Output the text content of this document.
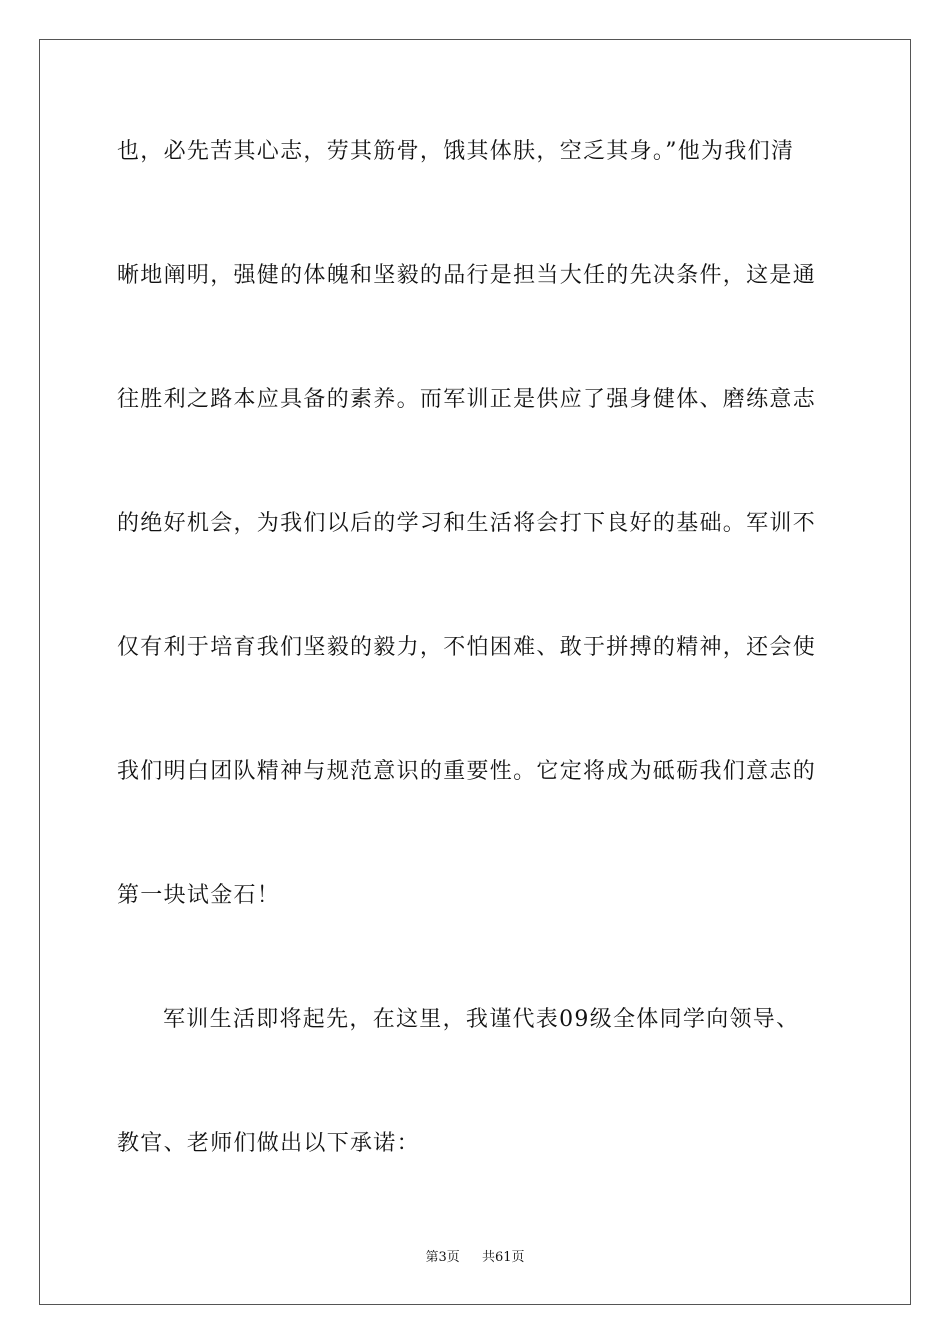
也，必先苦其心志，劳其筋骨，饿其体肤，空乏其身。”他为我们清
晰地阐明，强健的体魄和坚毅的品行是担当大任的先决条件，这是通
往胜利之路本应具备的素养。而军训正是供应了强身健体、磨练意志
的绝好机会，为我们以后的学习和生活将会打下良好的基础。军训不
仅有利于培育我们坚毅的毅力，不怕困难、敢于拼搏的精神，还会使
我们明白团队精神与规范意识的重要性。它定将成为砥砺我们意志的
第一块试金石！
军训生活即将起先，在这里，我谨代表09级全体同学向领导、
教官、老师们做出以下承诺：
第3页 共61页
